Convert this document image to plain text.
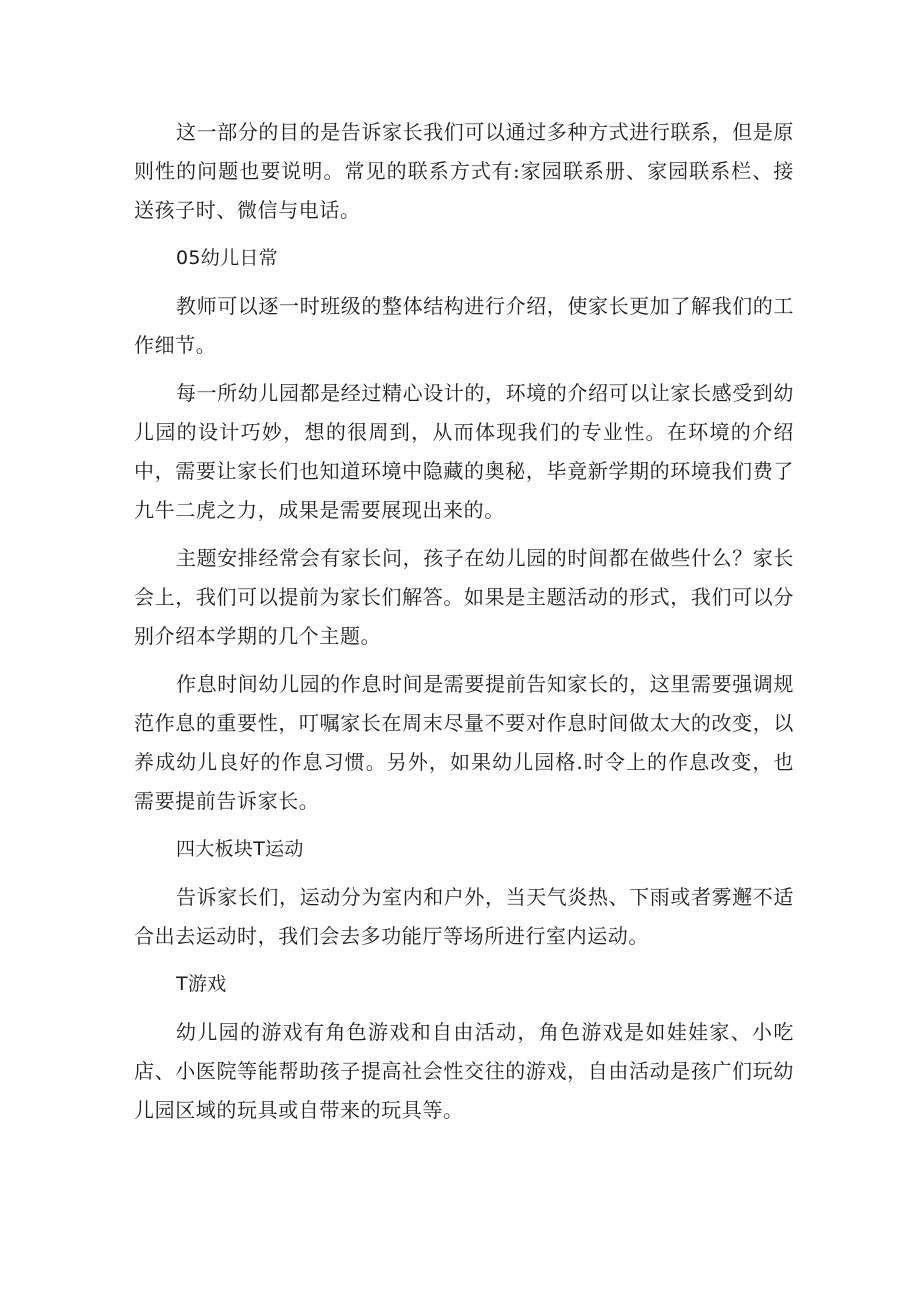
这一部分的目的是告诉家长我们可以通过多种方式进行联系，但是原则性的问题也要说明。常见的联系方式有:家园联系册、家园联系栏、接送孩子时、微信与电话。

05幼儿日常

教师可以逐一时班级的整体结构进行介绍，使家长更加了解我们的工作细节。

每一所幼儿园都是经过精心设计的，环境的介绍可以让家长感受到幼儿园的设计巧妙，想的很周到，从而体现我们的专业性。在环境的介绍中，需要让家长们也知道环境中隐藏的奥秘，毕竟新学期的环境我们费了九牛二虎之力，成果是需要展现出来的。

主题安排经常会有家长问，孩子在幼儿园的时间都在做些什么？家长会上，我们可以提前为家长们解答。如果是主题活动的形式，我们可以分别介绍本学期的几个主题。

作息时间幼儿园的作息时间是需要提前告知家长的，这里需要强调规范作息的重要性，叮嘱家长在周末尽量不要对作息时间做太大的改变，以养成幼儿良好的作息习惯。另外，如果幼儿园格.时令上的作息改变，也需要提前告诉家长。

四大板块T运动

告诉家长们，运动分为室内和户外，当天气炎热、下雨或者雾邂不适合出去运动时，我们会去多功能厅等场所进行室内运动。

T游戏

幼儿园的游戏有角色游戏和自由活动，角色游戏是如娃娃家、小吃店、小医院等能帮助孩子提高社会性交往的游戏，自由活动是孩广们玩幼儿园区域的玩具或自带来的玩具等。
